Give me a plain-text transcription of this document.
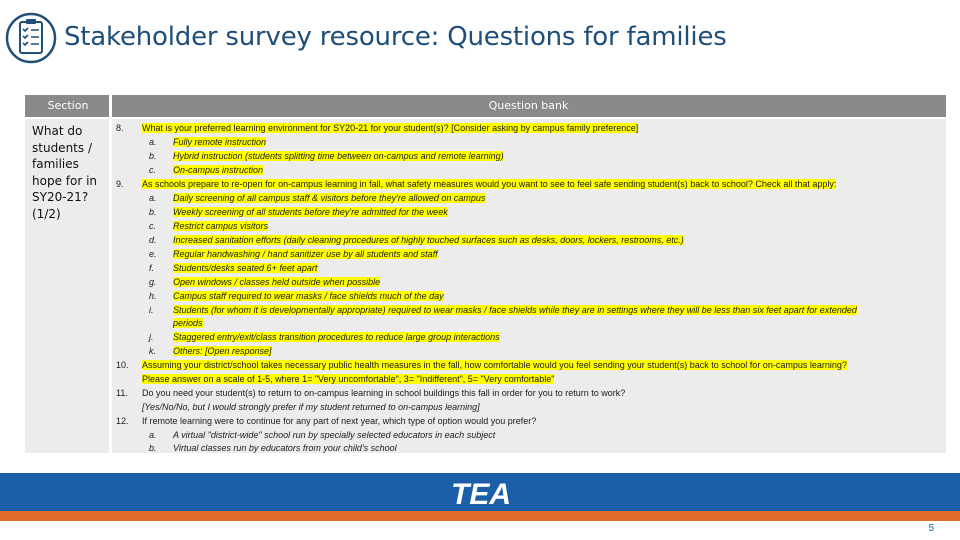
Stakeholder survey resource: Questions for families
Section	Question bank
What do students / families hope for in SY20-21? (1/2)
8. What is your preferred learning environment for SY20-21 for your student(s)? [Consider asking by campus family preference]
a. Fully remote instruction
b. Hybrid instruction (students splitting time between on-campus and remote learning)
c. On-campus instruction
9. As schools prepare to re-open for on-campus learning in fall, what safety measures would you want to see to feel safe sending student(s) back to school? Check all that apply:
a. Daily screening of all campus staff & visitors before they're allowed on campus
b. Weekly screening of all students before they're admitted for the week
c. Restrict campus visitors
d. Increased sanitation efforts (daily cleaning procedures of highly touched surfaces such as desks, doors, lockers, restrooms, etc.)
e. Regular handwashing / hand sanitizer use by all students and staff
f. Students/desks seated 6+ feet apart
g. Open windows / classes held outside when possible
h. Campus staff required to wear masks / face shields much of the day
i. Students (for whom it is developmentally appropriate) required to wear masks / face shields while they are in settings where they will be less than six feet apart for extended
periods
j. Staggered entry/exit/class transition procedures to reduce large group interactions
k. Others: [Open response]
10. Assuming your district/school takes necessary public health measures in the fall, how comfortable would you feel sending your student(s) back to school for on-campus learning?
Please answer on a scale of 1-5, where 1= "Very uncomfortable", 3= "Indifferent", 5= "Very comfortable"
11. Do you need your student(s) to return to on-campus learning in school buildings this fall in order for you to return to work?
[Yes/No/No, but I would strongly prefer if my student returned to on-campus learning]
12. If remote learning were to continue for any part of next year, which type of option would you prefer?
a. A virtual "district-wide" school run by specially selected educators in each subject
b. Virtual classes run by educators from your child's school
TEA
5
